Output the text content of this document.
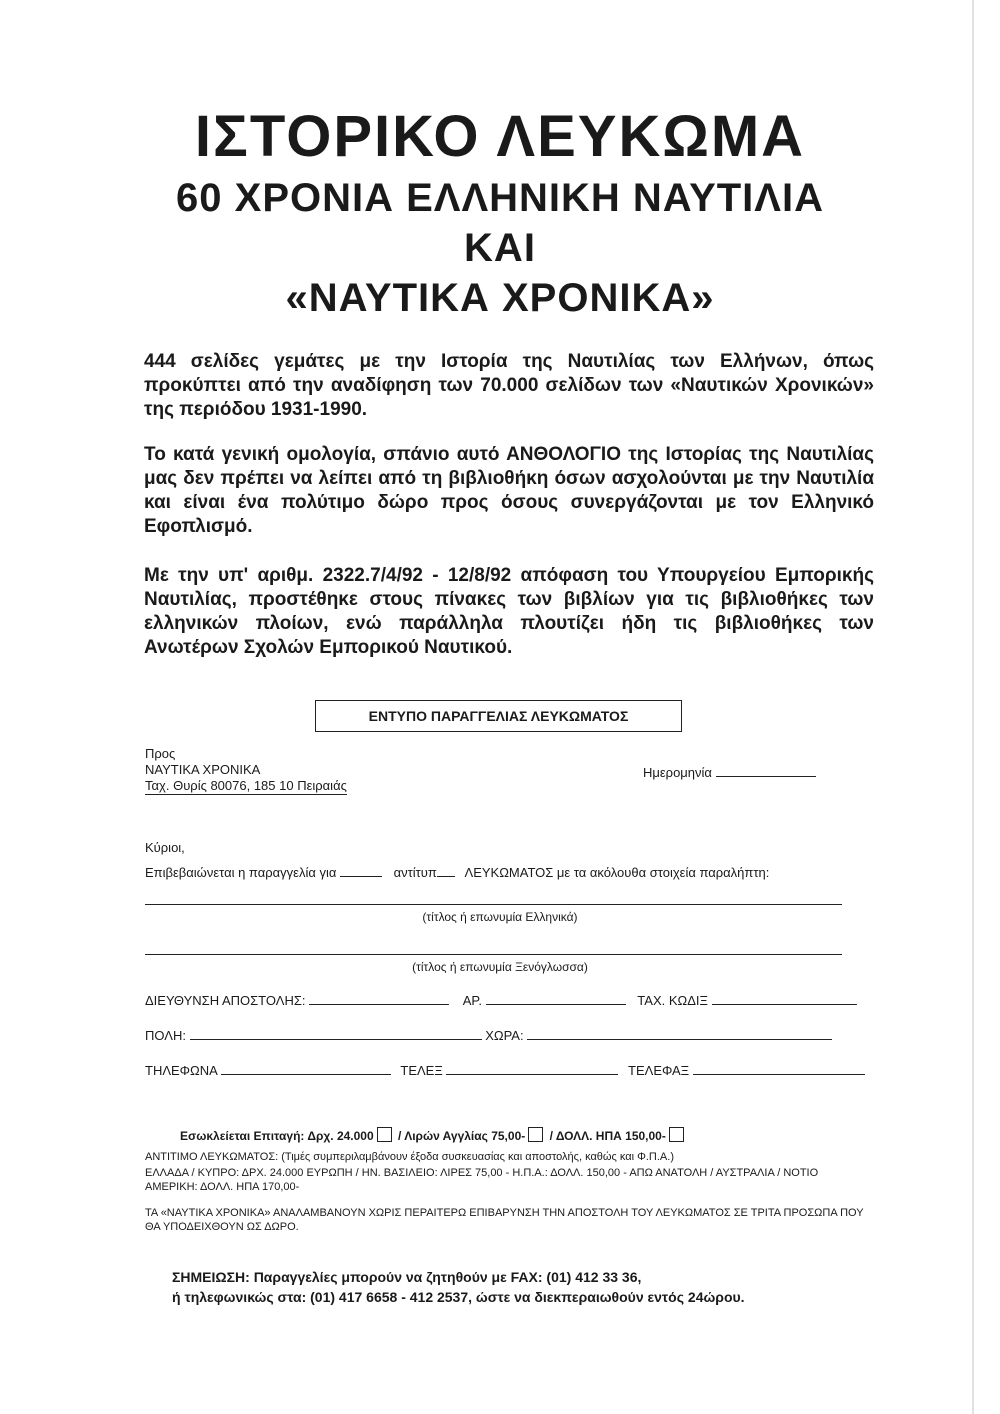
ΙΣΤΟΡΙΚΟ ΛΕΥΚΩΜΑ
60 ΧΡΟΝΙΑ ΕΛΛΗΝΙΚΗ ΝΑΥΤΙΛΙΑ
ΚΑΙ
«ΝΑΥΤΙΚΑ ΧΡΟΝΙΚΑ»

444 σελίδες γεμάτες με την Ιστορία της Ναυτιλίας των Ελλήνων, όπως προκύπτει από την αναδίφηση των 70.000 σελίδων των «Ναυτικών Χρονικών» της περιόδου 1931-1990.

Το κατά γενική ομολογία, σπάνιο αυτό ΑΝΘΟΛΟΓΙΟ της Ιστορίας της Ναυτιλίας μας δεν πρέπει να λείπει από τη βιβλιοθήκη όσων ασχολούνται με την Ναυτιλία και είναι ένα πολύτιμο δώρο προς όσους συνεργάζονται με τον Ελληνικό Εφοπλισμό.

Με την υπ' αριθμ. 2322.7/4/92 - 12/8/92 απόφαση του Υπουργείου Εμπορικής Ναυτιλίας, προστέθηκε στους πίνακες των βιβλίων για τις βιβλιοθήκες των ελληνικών πλοίων, ενώ παράλληλα πλουτίζει ήδη τις βιβλιοθήκες των Ανωτέρων Σχολών Εμπορικού Ναυτικού.

ΕΝΤΥΠΟ ΠΑΡΑΓΓΕΛΙΑΣ ΛΕΥΚΩΜΑΤΟΣ
Προς
ΝΑΥΤΙΚΑ ΧΡΟΝΙΚΑ
Ταχ. Θυρίς 80076, 185 10 Πειραιάς
Ημερομηνία
Κύριοι,
Επιβεβαιώνεται η παραγγελία για	αντίτυπ ΛΕΥΚΩΜΑΤΟΣ με τα ακόλουθα στοιχεία παραλήπτη:
(τίτλος ή επωνυμία Ελληνικά)
(τίτλος ή επωνυμία Ξενόγλωσσα)
ΔΙΕΥΘΥΝΣΗ ΑΠΟΣΤΟΛΗΣ:	ΑΡ.	ΤΑΧ. ΚΩΔΙΞ
ΠΟΛΗ:	ΧΩΡΑ:
ΤΗΛΕΦΩΝΑ	ΤΕΛΕΞ	ΤΕΛΕΦΑΞ
Εσωκλείεται Επιταγή: Δρχ. 24.000 / Λιρών Αγγλίας 75,00- / ΔΟΛΛ. ΗΠΑ 150,00-

ΑΝΤΙΤΙΜΟ ΛΕΥΚΩΜΑΤΟΣ: (Τιμές συμπεριλαμβάνουν έξοδα συσκευασίας και αποστολής, καθώς και Φ.Π.Α.)

ΕΛΛΑΔΑ / ΚΥΠΡΟ: ΔΡΧ. 24.000 ΕΥΡΩΠΗ / ΗΝ. ΒΑΣΙΛΕΙΟ: ΛΙΡΕΣ 75,00 - Η.Π.Α.: ΔΟΛΛ. 150,00 - ΑΠΩ ΑΝΑΤΟΛΗ / ΑΥΣΤΡΑΛΙΑ / ΝΟΤΙΟ ΑΜΕΡΙΚΗ: ΔΟΛΛ. ΗΠΑ 170,00-

ΤΑ «ΝΑΥΤΙΚΑ ΧΡΟΝΙΚΑ» ΑΝΑΛΑΜΒΑΝΟΥΝ ΧΩΡΙΣ ΠΕΡΑΙΤΕΡΩ ΕΠΙΒΑΡΥΝΣΗ ΤΗΝ ΑΠΟΣΤΟΛΗ ΤΟΥ ΛΕΥΚΩΜΑΤΟΣ ΣΕ ΤΡΙΤΑ ΠΡΟΣΩΠΑ ΠΟΥ ΘΑ ΥΠΟΔΕΙΧΘΟΥΝ ΩΣ ΔΩΡΟ.

ΣΗΜΕΙΩΣΗ: Παραγγελίες μπορούν να ζητηθούν με FAX: (01) 412 33 36,
ή τηλεφωνικώς στα: (01) 417 6658 - 412 2537, ώστε να διεκπεραιωθούν εντός 24ώρου.
